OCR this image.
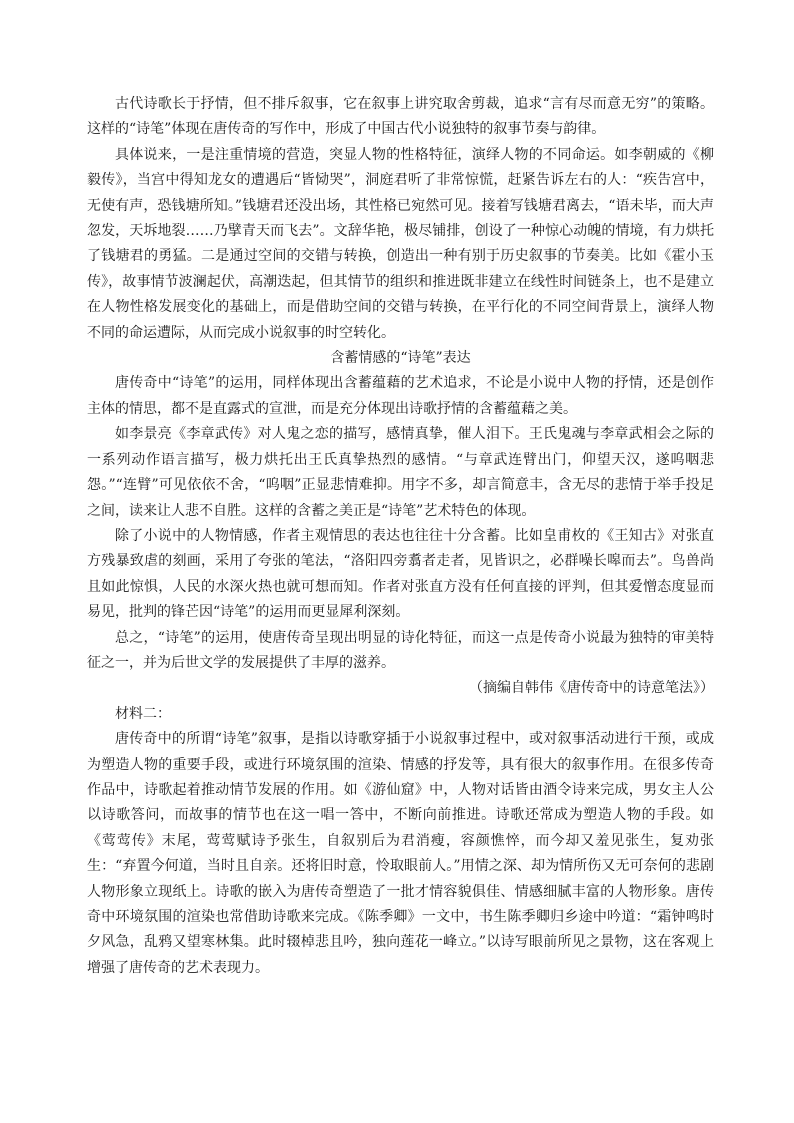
古代诗歌长于抒情，但不排斥叙事，它在叙事上讲究取舍剪裁，追求“言有尽而意无穷”的策略。这样的“诗笔”体现在唐传奇的写作中，形成了中国古代小说独特的叙事节奏与韵律。

具体说来，一是注重情境的营造，突显人物的性格特征，演绎人物的不同命运。如李朝威的《柳毅传》，当宫中得知龙女的遭遇后“皆恸哭”，洞庭君听了非常惊慌，赶紧告诉左右的人：“疾告宫中，无使有声，恐钱塘所知。”钱塘君还没出场，其性格已宛然可见。接着写钱塘君离去，“语未毕，而大声忽发，天坼地裂……乃擘青天而飞去”。文辞华艳，极尽铺排，创设了一种惊心动魄的情境，有力烘托了钱塘君的勇猛。二是通过空间的交错与转换，创造出一种有别于历史叙事的节奏美。比如《霍小玉传》，故事情节波澜起伏，高潮迭起，但其情节的组织和推进既非建立在线性时间链条上，也不是建立在人物性格发展变化的基础上，而是借助空间的交错与转换，在平行化的不同空间背景上，演绎人物不同的命运遭际，从而完成小说叙事的时空转化。

含蓄情感的“诗笔”表达

唐传奇中“诗笔”的运用，同样体现出含蓄蕴藉的艺术追求，不论是小说中人物的抒情，还是创作主体的情思，都不是直露式的宣泄，而是充分体现出诗歌抒情的含蓄蕴藉之美。

如李景亮《李章武传》对人鬼之恋的描写，感情真挚，催人泪下。王氏鬼魂与李章武相会之际的一系列动作语言描写，极力烘托出王氏真挚热烈的感情。“与章武连臂出门，仰望天汉，遂呜咽悲怨。”“连臂”可见依依不舍，“呜咽”正显悲情难抑。用字不多，却言简意丰，含无尽的悲情于举手投足之间，读来让人悲不自胜。这样的含蓄之美正是“诗笔”艺术特色的体现。

除了小说中的人物情感，作者主观情思的表达也往往十分含蓄。比如皇甫枚的《王知古》对张直方残暴致虐的刻画，采用了夸张的笔法，“洛阳四旁翥者走者，见皆识之，必群噪长嗥而去”。鸟兽尚且如此惊惧，人民的水深火热也就可想而知。作者对张直方没有任何直接的评判，但其爱憎态度显而易见，批判的锋芒因“诗笔”的运用而更显犀利深刻。

总之，“诗笔”的运用，使唐传奇呈现出明显的诗化特征，而这一点是传奇小说最为独特的审美特征之一，并为后世文学的发展提供了丰厚的滋养。

（摘编自韩伟《唐传奇中的诗意笔法》）

材料二：

唐传奇中的所谓“诗笔”叙事，是指以诗歌穿插于小说叙事过程中，或对叙事活动进行干预，或成为塑造人物的重要手段，或进行环境氛围的渲染、情感的抒发等，具有很大的叙事作用。在很多传奇作品中，诗歌起着推动情节发展的作用。如《游仙窟》中，人物对话皆由酒令诗来完成，男女主人公以诗歌答问，而故事的情节也在这一唱一答中，不断向前推进。诗歌还常成为塑造人物的手段。如《莺莺传》末尾，莺莺赋诗予张生，自叙别后为君消瘦，容颜憔悴，而今却又羞见张生，复劝张生：“弃置今何道，当时且自亲。还将旧时意，怜取眼前人。”用情之深、却为情所伤又无可奈何的悲剧人物形象立现纸上。诗歌的嵌入为唐传奇塑造了一批才情容貌俱佳、情感细腻丰富的人物形象。唐传奇中环境氛围的渲染也常借助诗歌来完成。《陈季卿》一文中，书生陈季卿归乡途中吟道：“霜钟鸣时夕风急，乱鸦又望寒林集。此时辍棹悲且吟，独向莲花一峰立。”以诗写眼前所见之景物，这在客观上增强了唐传奇的艺术表现力。
